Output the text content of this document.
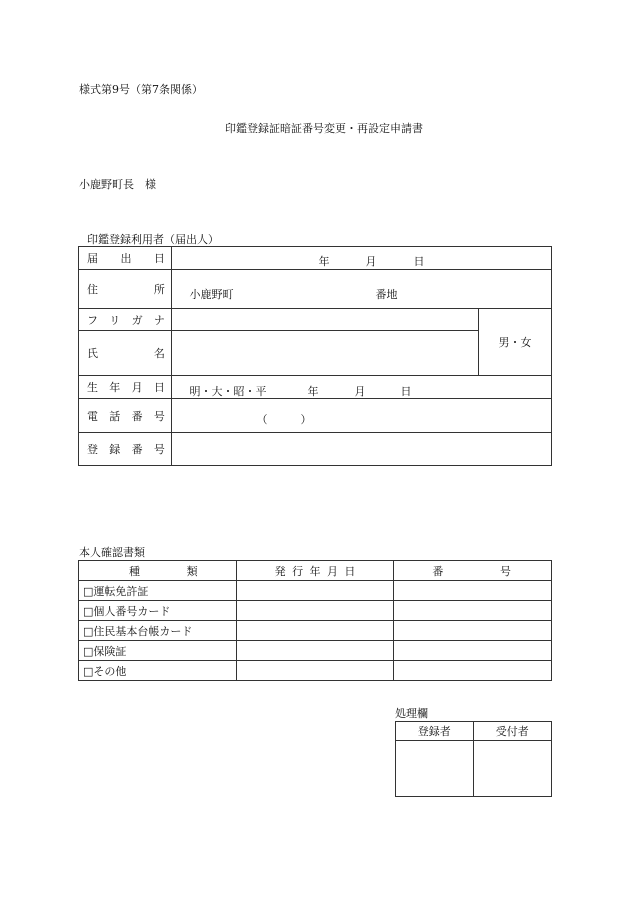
様式第9号（第7条関係）
印鑑登録証暗証番号変更・再設定申請書
小鹿野町長　様
印鑑登録利用者（届出人）
届 出 日	年 月 日	

住 所	小鹿野町 番地	

フ リ ガ ナ		男・女

氏 名		

生 年 月 日	明・大・昭・平 年 月 日	

電 話 番 号	（　　　）	

登 録 番 号		

本人確認書類
種 類	発 行 年 月 日	番 号

□運転免許証		
□個人番号カード		
□住民基本台帳カード		
□保険証		
□その他		
処理欄
登録者	受付者
